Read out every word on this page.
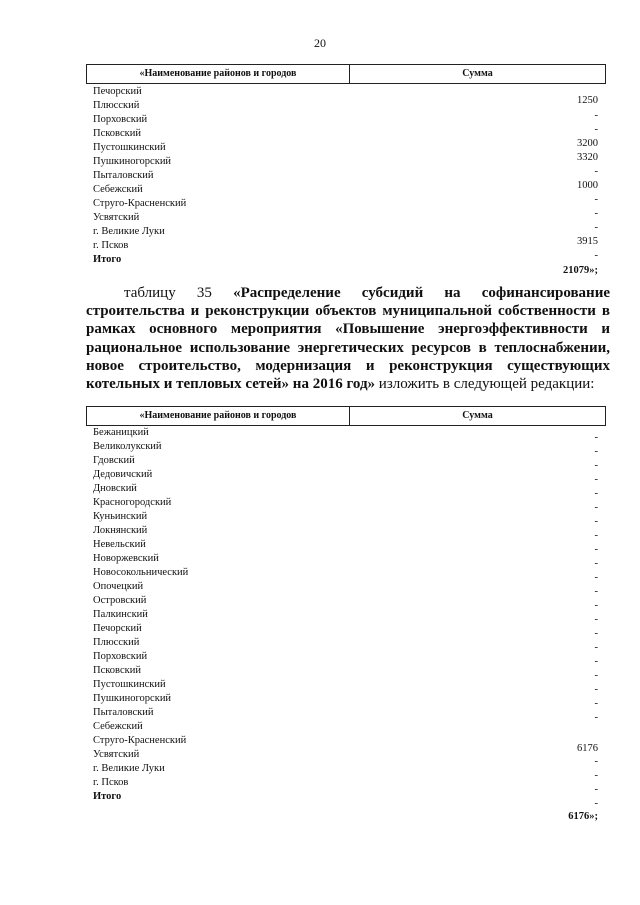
20
«Наименование районов и городов	Сумма
Печорский
Плюсский
Порховский
Псковский
Пустошкинский
Пушкиногорский
Пыталовский
Себежский
Струго-Красненский
Усвятский
г. Великие Луки
г. Псков
Итого
1250
-
-
3200
3320
-
1000
-
-
-
3915
-
21079»;
таблицу 35 «Распределение субсидий на софинансирование строительства и реконструкции объектов муниципальной собственности в рамках основного мероприятия «Повышение энергоэффективности и рациональное использование энергетических ресурсов в теплоснабжении, новое строительство, модернизация и реконструкция существующих котельных и тепловых сетей» на 2016 год» изложить в следующей редакции:
«Наименование районов и городов	Сумма
Бежаницкий
Великолукский
Гдовский
Дедовичский
Дновский
Красногородский
Куньинский
Локнянский
Невельский
Новоржевский
Новосокольнический
Опочецкий
Островский
Палкинский
Печорский
Плюсский
Порховский
Псковский
Пустошкинский
Пушкиногорский
Пыталовский
Себежский
Струго-Красненский
Усвятский
г. Великие Луки
г. Псков
Итого
-
-
-
-
-
-
-
-
-
-
-
-
-
-
-
-
-
-
-
-
-
6176
-
-
-
-
6176»;
